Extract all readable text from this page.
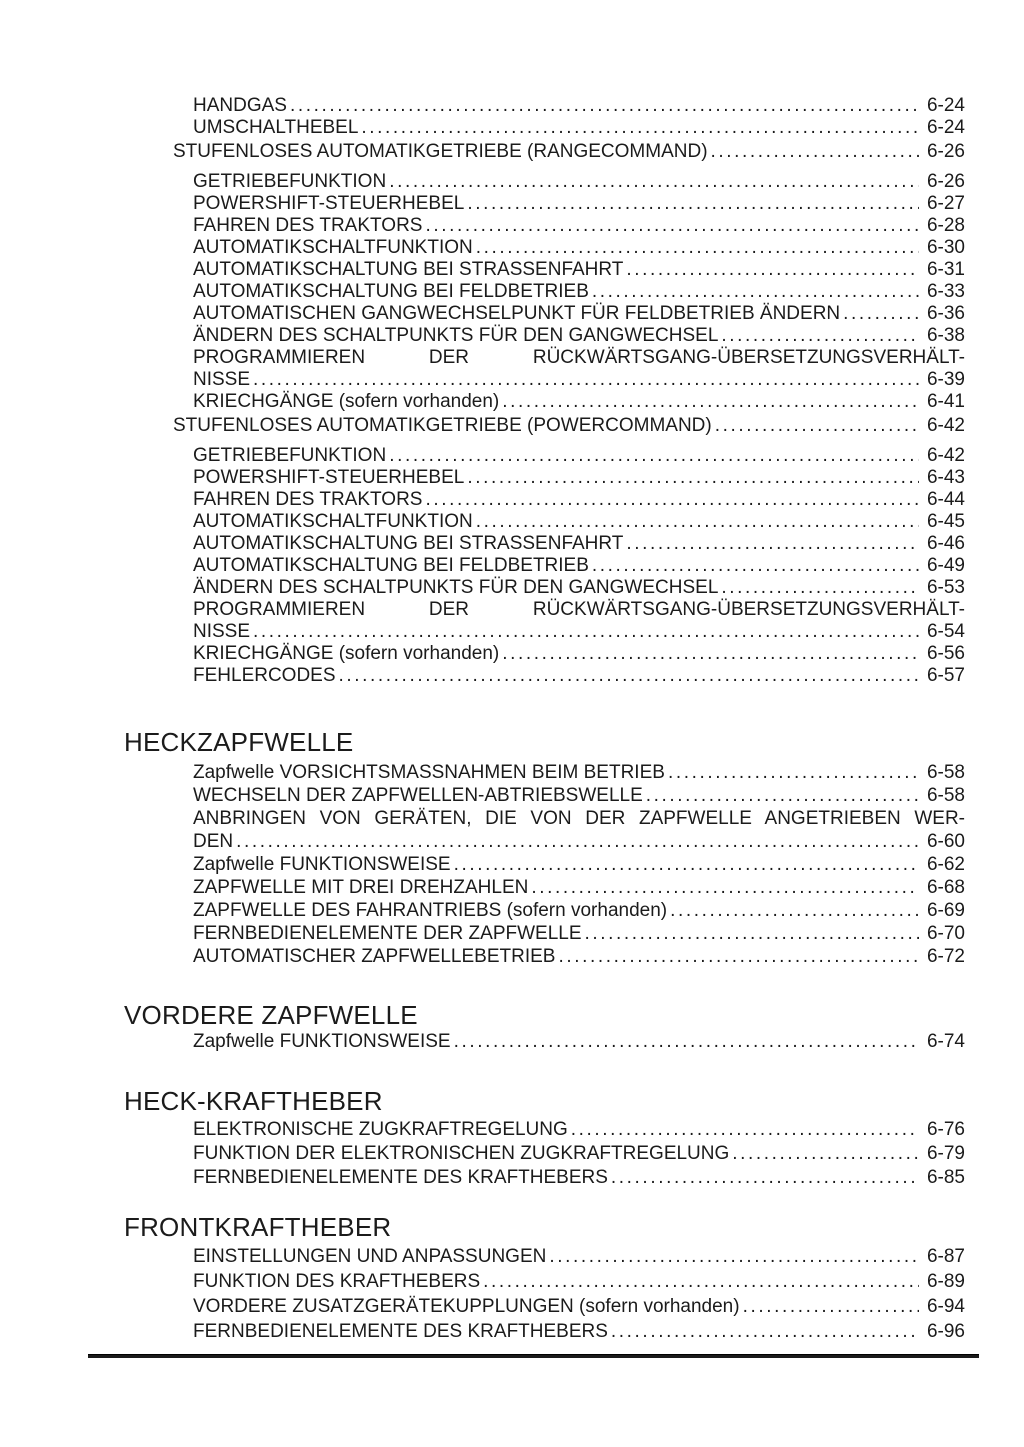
HANDGAS .....	6-24
UMSCHALTHEBEL .....	6-24
STUFENLOSES AUTOMATIKGETRIEBE (RANGECOMMAND) .....	6-26
GETRIEBEFUNKTION .....	6-26
POWERSHIFT-STEUERHEBEL .....	6-27
FAHREN DES TRAKTORS .....	6-28
AUTOMATIKSCHALTFUNKTION .....	6-30
AUTOMATIKSCHALTUNG BEI STRASSENFAHRT .....	6-31
AUTOMATIKSCHALTUNG BEI FELDBETRIEB .....	6-33
AUTOMATISCHEN GANGWECHSELPUNKT FÜR FELDBETRIEB ÄNDERN .....	6-36
ÄNDERN DES SCHALTPUNKTS FÜR DEN GANGWECHSEL .....	6-38
PROGRAMMIEREN DER RÜCKWÄRTSGANG-ÜBERSETZUNGSVERHÄLT-
NISSE .....	6-39
KRIECHGÄNGE (sofern vorhanden) .....	6-41
STUFENLOSES AUTOMATIKGETRIEBE (POWERCOMMAND) .....	6-42
GETRIEBEFUNKTION .....	6-42
POWERSHIFT-STEUERHEBEL .....	6-43
FAHREN DES TRAKTORS .....	6-44
AUTOMATIKSCHALTFUNKTION .....	6-45
AUTOMATIKSCHALTUNG BEI STRASSENFAHRT .....	6-46
AUTOMATIKSCHALTUNG BEI FELDBETRIEB .....	6-49
ÄNDERN DES SCHALTPUNKTS FÜR DEN GANGWECHSEL .....	6-53
PROGRAMMIEREN DER RÜCKWÄRTSGANG-ÜBERSETZUNGSVERHÄLT-
NISSE .....	6-54
KRIECHGÄNGE (sofern vorhanden) .....	6-56
FEHLERCODES .....	6-57
HECKZAPFWELLE
Zapfwelle VORSICHTSMASSNAHMEN BEIM BETRIEB .....	6-58
WECHSELN DER ZAPFWELLEN-ABTRIEBSWELLE .....	6-58
ANBRINGEN VON GERÄTEN, DIE VON DER ZAPFWELLE ANGETRIEBEN WER-
DEN .....	6-60
Zapfwelle FUNKTIONSWEISE .....	6-62
ZAPFWELLE MIT DREI DREHZAHLEN .....	6-68
ZAPFWELLE DES FAHRANTRIEBS (sofern vorhanden) .....	6-69
FERNBEDIENELEMENTE DER ZAPFWELLE .....	6-70
AUTOMATISCHER ZAPFWELLEBETRIEB .....	6-72
VORDERE ZAPFWELLE
Zapfwelle FUNKTIONSWEISE .....	6-74
HECK-KRAFTHEBER
ELEKTRONISCHE ZUGKRAFTREGELUNG .....	6-76
FUNKTION DER ELEKTRONISCHEN ZUGKRAFTREGELUNG .....	6-79
FERNBEDIENELEMENTE DES KRAFTHEBERS .....	6-85
FRONTKRAFTHEBER
EINSTELLUNGEN UND ANPASSUNGEN .....	6-87
FUNKTION DES KRAFTHEBERS .....	6-89
VORDERE ZUSATZGERÄTEKUPPLUNGEN (sofern vorhanden) .....	6-94
FERNBEDIENELEMENTE DES KRAFTHEBERS .....	6-96
